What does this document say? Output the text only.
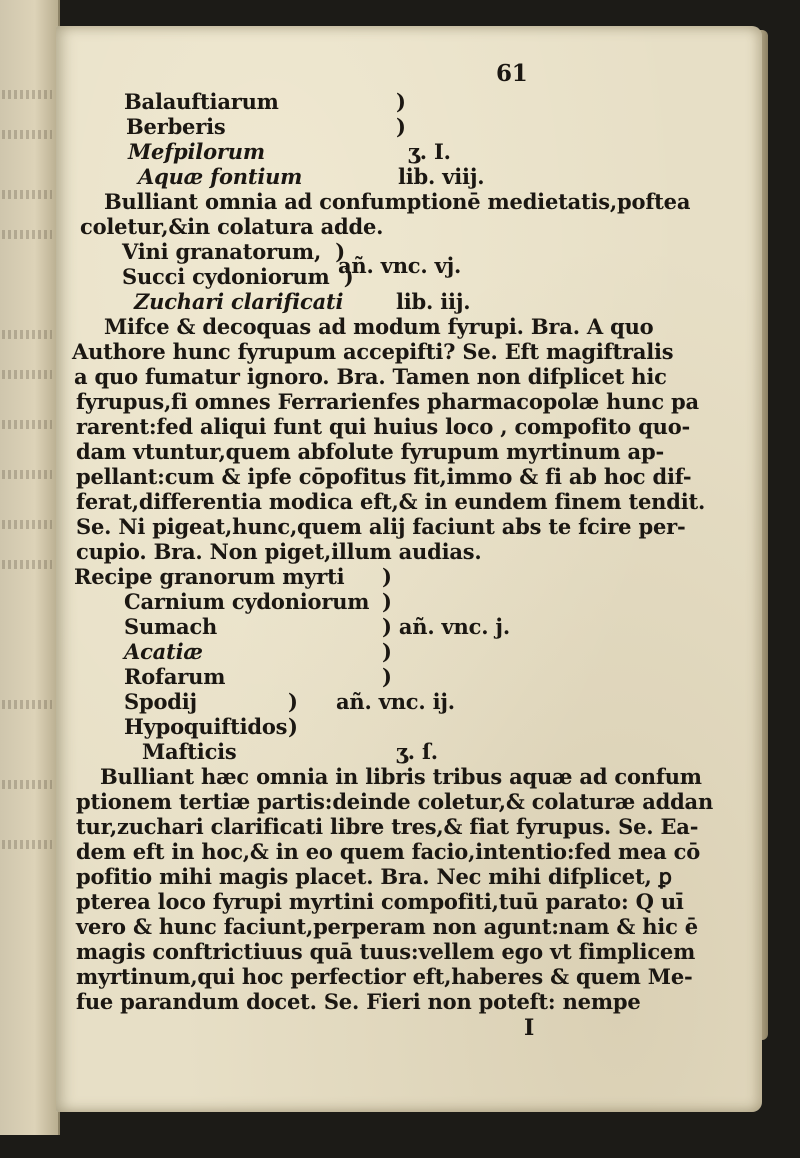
61
Balauftiarum	)
Berberis	)
Mefpilorum	ʒ. I.
Aquæ fontium	lib. viij.
Bulliant omnia ad confumptionē medietatis,poftea
coletur,&in colatura adde.
Vini granatorum,  )
Succi cydoniorum  )
añ. vnc. vj.
Zuchari clarificati	lib. iij.
Mifce & decoquas ad modum fyrupi. Bra. A quo
Authore hunc fyrupum accepifti? Se. Eft magiftralis
a quo fumatur ignoro. Bra. Tamen non difplicet hic
fyrupus,fi omnes Ferrarienfes pharmacopolæ hunc pa
rarent:fed aliqui funt qui huius loco , compofito quo-
dam vtuntur,quem abfolute fyrupum myrtinum ap-
pellant:cum & ipfe cōpofitus fit,immo & fi ab hoc dif-
ferat,differentia modica eft,& in eundem finem tendit.
Se. Ni pigeat,hunc,quem alij faciunt abs te fcire per-
cupio. Bra. Non piget,illum audias.
Recipe granorum myrti )
Carnium cydoniorum )
Sumach	) añ. vnc. j.
Acatiæ	)
Rofarum	)
Spodij	) añ. vnc. ij.
Hypoquiftidos )
Mafticis	ʒ. ſ.
Bulliant hæc omnia in libris tribus aquæ ad confum
ptionem tertiæ partis:deinde coletur,& colaturæ addan
tur,zuchari clarificati libre tres,& fiat fyrupus. Se. Ea-
dem eft in hoc,& in eo quem facio,intentio:fed mea cō
pofitio mihi magis placet. Bra. Nec mihi difplicet, ꝑ
pterea loco fyrupi myrtini compofiti,tuū parato: Q uī
vero & hunc faciunt,perperam non agunt:nam & hic ē
magis conftrictiuus quā tuus:vellem ego vt fimplicem
myrtinum,qui hoc perfectior eft,haberes & quem Me-
fue parandum docet. Se. Fieri non poteft: nempe
I
